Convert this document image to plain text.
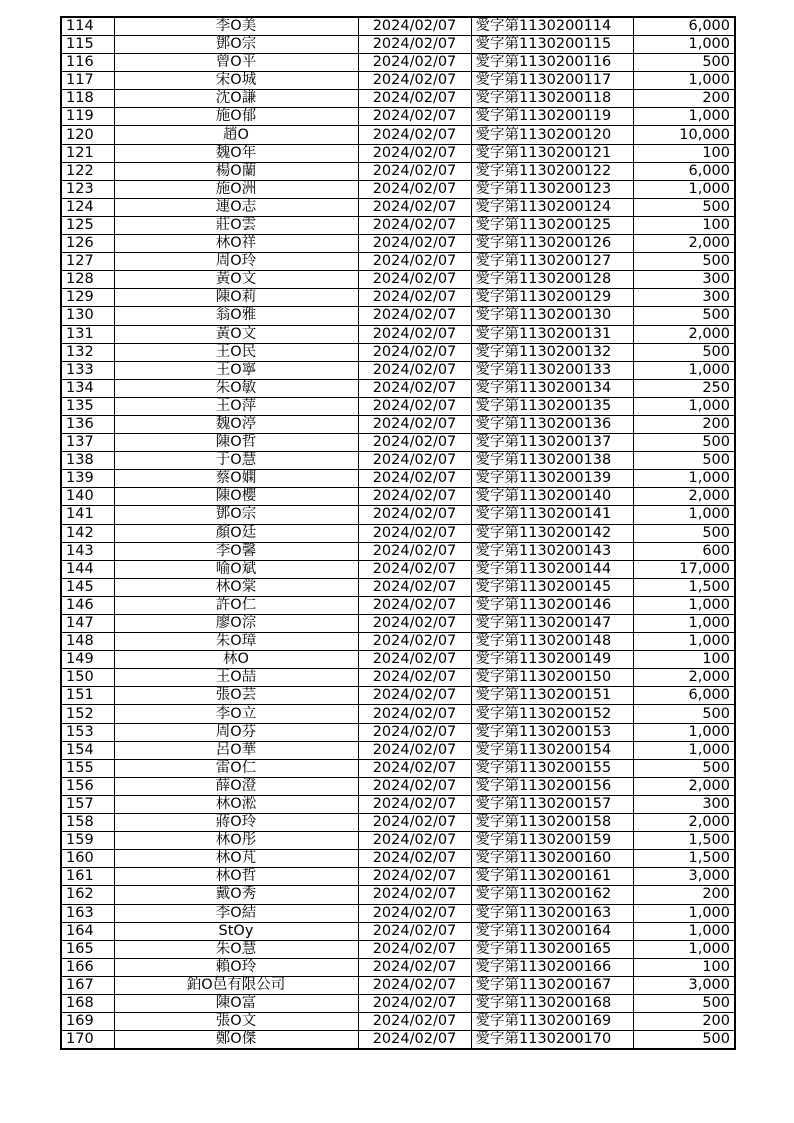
114	李O美	2024/02/07	愛字第1130200114	6,000
115	鄧O宗	2024/02/07	愛字第1130200115	1,000
116	曾O平	2024/02/07	愛字第1130200116	500
117	宋O城	2024/02/07	愛字第1130200117	1,000
118	沈O謙	2024/02/07	愛字第1130200118	200
119	施O郁	2024/02/07	愛字第1130200119	1,000
120	趙O	2024/02/07	愛字第1130200120	10,000
121	魏O年	2024/02/07	愛字第1130200121	100
122	楊O蘭	2024/02/07	愛字第1130200122	6,000
123	施O洲	2024/02/07	愛字第1130200123	1,000
124	連O志	2024/02/07	愛字第1130200124	500
125	莊O雲	2024/02/07	愛字第1130200125	100
126	林O祥	2024/02/07	愛字第1130200126	2,000
127	周O玲	2024/02/07	愛字第1130200127	500
128	黃O文	2024/02/07	愛字第1130200128	300
129	陳O莉	2024/02/07	愛字第1130200129	300
130	翁O雅	2024/02/07	愛字第1130200130	500
131	黃O文	2024/02/07	愛字第1130200131	2,000
132	王O民	2024/02/07	愛字第1130200132	500
133	王O寧	2024/02/07	愛字第1130200133	1,000
134	朱O敏	2024/02/07	愛字第1130200134	250
135	王O萍	2024/02/07	愛字第1130200135	1,000
136	魏O渟	2024/02/07	愛字第1130200136	200
137	陳O哲	2024/02/07	愛字第1130200137	500
138	于O慧	2024/02/07	愛字第1130200138	500
139	蔡O嫻	2024/02/07	愛字第1130200139	1,000
140	陳O櫻	2024/02/07	愛字第1130200140	2,000
141	鄧O宗	2024/02/07	愛字第1130200141	1,000
142	顏O廷	2024/02/07	愛字第1130200142	500
143	李O馨	2024/02/07	愛字第1130200143	600
144	喻O斌	2024/02/07	愛字第1130200144	17,000
145	林O棠	2024/02/07	愛字第1130200145	1,500
146	許O仁	2024/02/07	愛字第1130200146	1,000
147	廖O淙	2024/02/07	愛字第1130200147	1,000
148	朱O璋	2024/02/07	愛字第1130200148	1,000
149	林O	2024/02/07	愛字第1130200149	100
150	王O喆	2024/02/07	愛字第1130200150	2,000
151	張O芸	2024/02/07	愛字第1130200151	6,000
152	李O立	2024/02/07	愛字第1130200152	500
153	周O芬	2024/02/07	愛字第1130200153	1,000
154	呂O華	2024/02/07	愛字第1130200154	1,000
155	雷O仁	2024/02/07	愛字第1130200155	500
156	薛O澄	2024/02/07	愛字第1130200156	2,000
157	林O淞	2024/02/07	愛字第1130200157	300
158	蔣O玲	2024/02/07	愛字第1130200158	2,000
159	林O彤	2024/02/07	愛字第1130200159	1,500
160	林O芃	2024/02/07	愛字第1130200160	1,500
161	林O哲	2024/02/07	愛字第1130200161	3,000
162	戴O秀	2024/02/07	愛字第1130200162	200
163	李O結	2024/02/07	愛字第1130200163	1,000
164	StOy	2024/02/07	愛字第1130200164	1,000
165	朱O慧	2024/02/07	愛字第1130200165	1,000
166	賴O玲	2024/02/07	愛字第1130200166	100
167	鉑O邑有限公司	2024/02/07	愛字第1130200167	3,000
168	陳O富	2024/02/07	愛字第1130200168	500
169	張O文	2024/02/07	愛字第1130200169	200
170	鄭O傑	2024/02/07	愛字第1130200170	500
